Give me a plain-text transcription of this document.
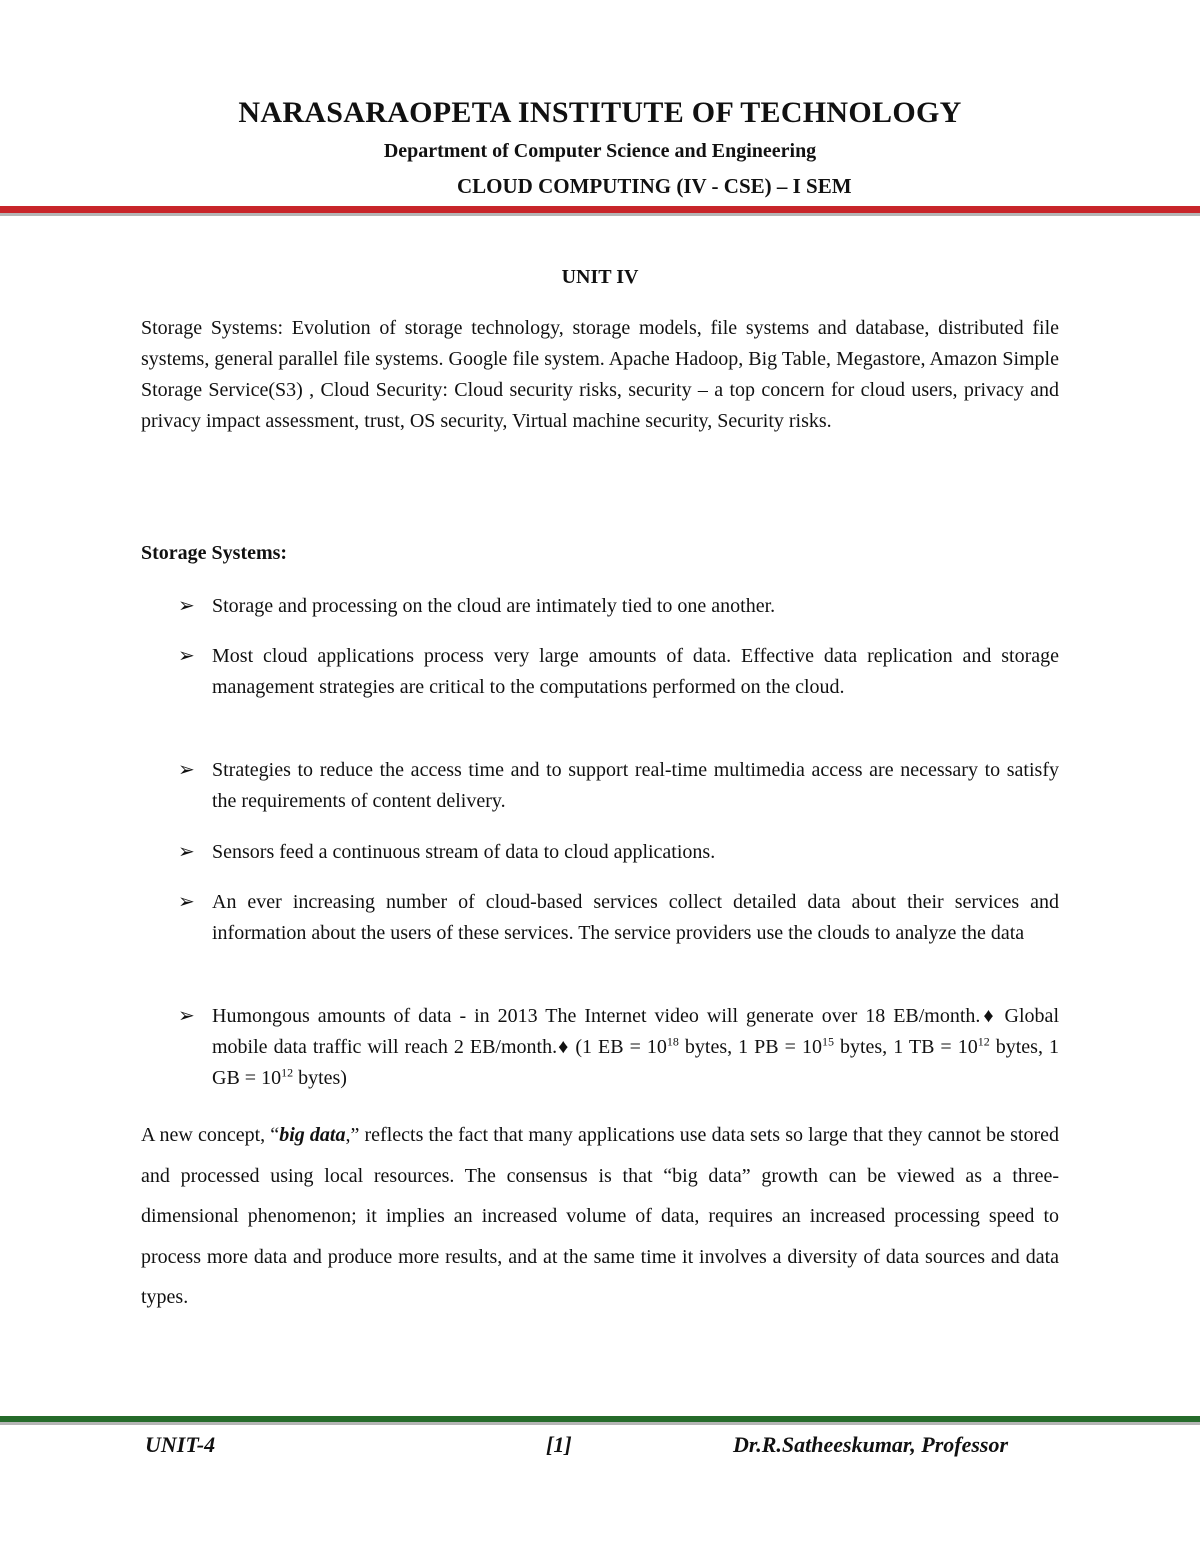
NARASARAOPETA INSTITUTE OF TECHNOLOGY
Department of Computer Science and Engineering
CLOUD COMPUTING (IV - CSE) – I SEM
UNIT IV
Storage Systems: Evolution of storage technology, storage models, file systems and database, distributed file systems, general parallel file systems. Google file system. Apache Hadoop, Big Table, Megastore, Amazon Simple Storage Service(S3) , Cloud Security: Cloud security risks, security – a top concern for cloud users, privacy and privacy impact assessment, trust, OS security, Virtual machine security, Security risks.
Storage Systems:
➢ Storage and processing on the cloud are intimately tied to one another.
➢ Most cloud applications process very large amounts of data. Effective data replication and storage management strategies are critical to the computations performed on the cloud.
➢ Strategies to reduce the access time and to support real-time multimedia access are necessary to satisfy the requirements of content delivery.
➢ Sensors feed a continuous stream of data to cloud applications.
➢ An ever increasing number of cloud-based services collect detailed data about their services and information about the users of these services. The service providers use the clouds to analyze the data
➢ Humongous amounts of data - in 2013 The Internet video will generate over 18 EB/month.♦ Global mobile data traffic will reach 2 EB/month.♦ (1 EB = $10^{18}$ bytes, 1 PB = $10^{15}$ bytes, 1 TB = $10^{12}$ bytes, 1 GB = $10^{12}$ bytes)
A new concept, “big data,” reflects the fact that many applications use data sets so large that they cannot be stored and processed using local resources. The consensus is that “big data” growth can be viewed as a three-dimensional phenomenon; it implies an increased volume of data, requires an increased processing speed to process more data and produce more results, and at the same time it involves a diversity of data sources and data types.
UNIT-4	[1]	Dr.R.Satheeskumar, Professor
